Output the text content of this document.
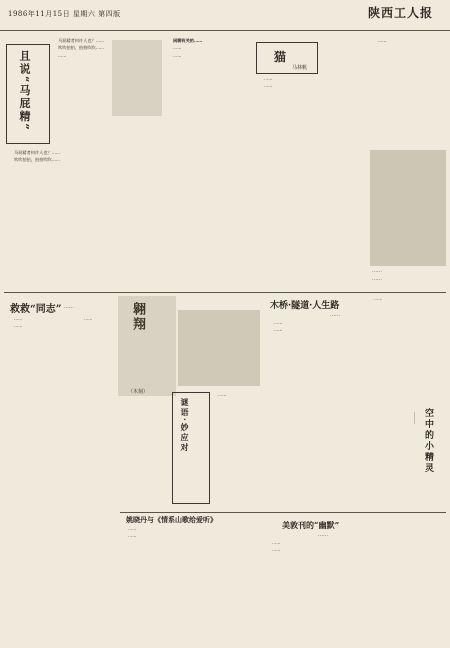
1986年11月15日 星期六 第四版	陕西工人报
且说“马屁精”

马屁精者何许人也？……

吹吹拍拍，拍拍吹吹……

……

马屁精者何许人也？……

吹吹拍拍，拍拍吹吹……

闲聊有关的……

……

……	猫
马林帆

……

……

……

……
……
救救“同志” ……

……

……

……	翱翔
（木刻）
谜语·妙应对

……

木桥·隧道·人生路
……

……

……

……

空中的小精灵
……
姚晓丹与《情系山歌给爱听》

……

……

美敦刊的“幽默”
……

……

……
